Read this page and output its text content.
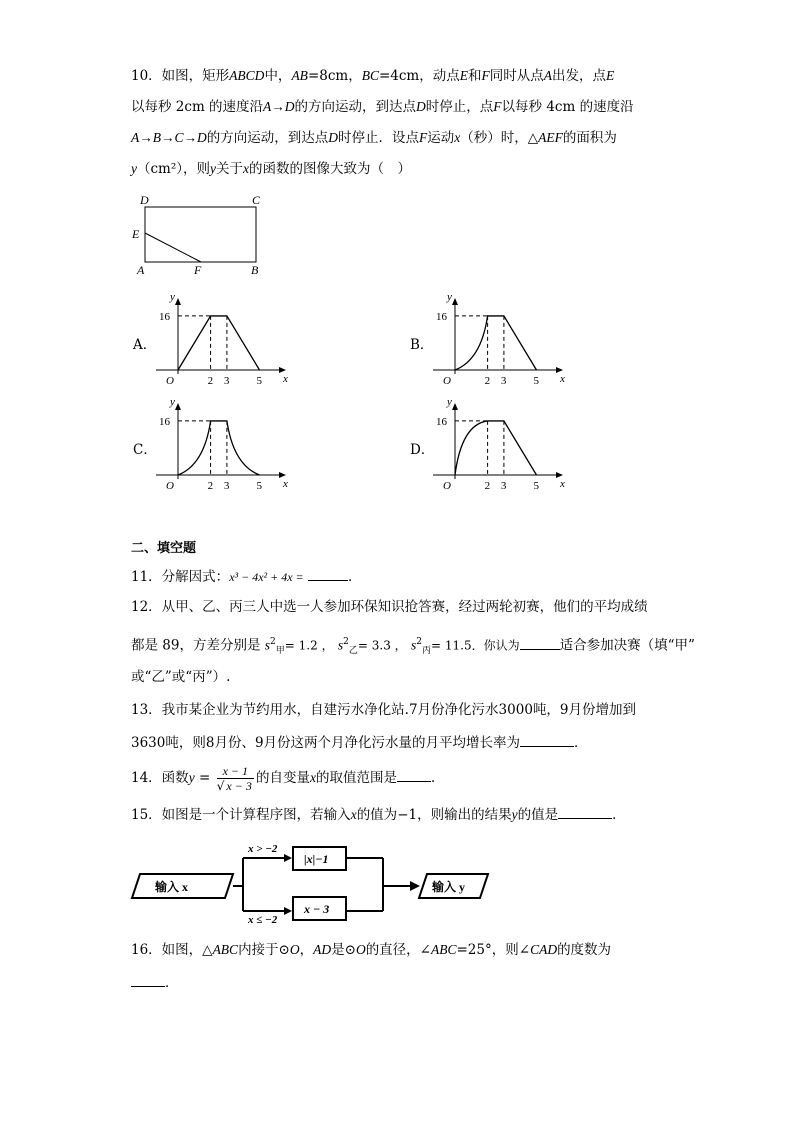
10．如图，矩形ABCD中，AB=8cm，BC=4cm，动点E和F同时从点A出发，点E
以每秒 2cm 的速度沿A→D的方向运动，到达点D时停止，点F以每秒 4cm 的速度沿
A→B→C→D的方向运动，到达点D时停止．设点F运动x（秒）时，△AEF的面积为
y（cm²），则y关于x的函数的图像大致为（　）
D	C
E
A	F	B
A．	B．
C．	D．
y
x
O
16
2 3 5
y
x
O
16
2 3 5
y
x
O
16
2 3 5
y
x
O
16
2 3 5
二、填空题
11．分解因式：x³ − 4x² + 4x =	．
12．从甲、乙、丙三人中选一人参加环保知识抢答赛，经过两轮初赛，他们的平均成绩
都是 89，方差分别是 $s^2_甲= 1.2$ ， $s^2_乙= 3.3$ ， $s^2_丙= 11.5$．你认为	适合参加决赛（填“甲”
或“乙”或“丙”）.
13．我市某企业为节约用水，自建污水净化站.7月份净化污水3000吨，9月份增加到
3630吨，则8月份、9月份这两个月净化污水量的月平均增长率为	．
14．函数$y = \frac{x - 1}{√ x - 3}$ 的自变量x的取值范围是	．
15．如图是一个计算程序图，若输入x的值为−1，则输出的结果y的值是	．
输入 x
x > −2
x ≤ −2
|x|−1
x − 3
输入 y
16．如图，△ABC内接于⊙O，AD是⊙O的直径，∠ABC=25°，则∠CAD的度数为
．
